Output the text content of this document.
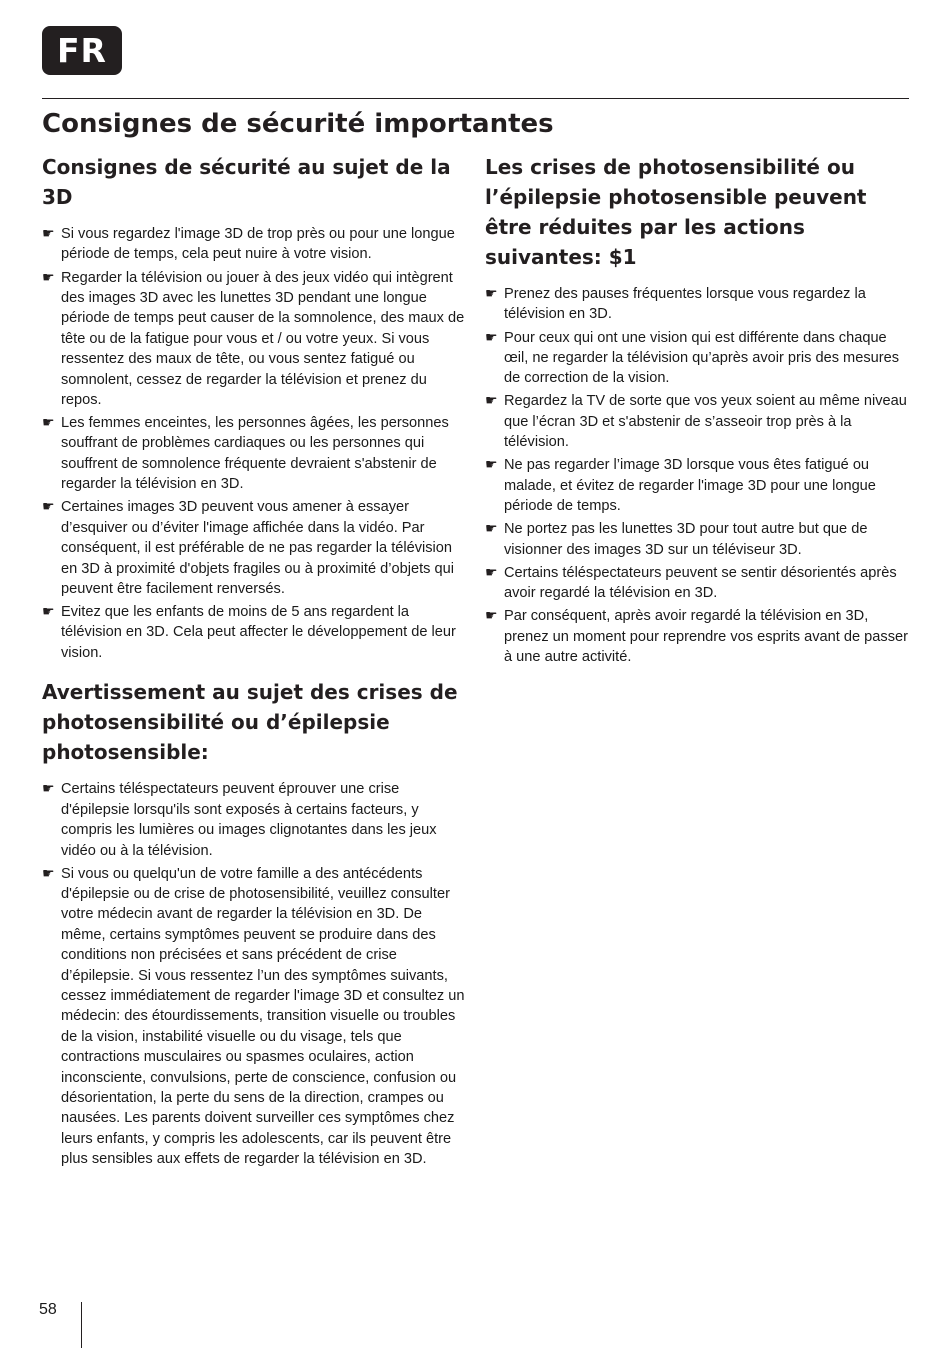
FR
Consignes de sécurité importantes
Consignes de sécurité au sujet de la 3D
☛ Si vous regardez l'image 3D de trop près ou pour une longue période de temps, cela peut nuire à votre vision.
☛ Regarder la télévision ou jouer à des jeux vidéo qui intègrent des images 3D avec les lunettes 3D pendant une longue période de temps peut causer de la somnolence, des maux de tête ou de la fatigue pour vous et / ou votre yeux. Si vous ressentez des maux de tête, ou vous sentez fatigué ou somnolent, cessez de regarder la télévision et prenez du repos.
☛ Les femmes enceintes, les personnes âgées, les personnes souffrant de problèmes cardiaques ou les personnes qui souffrent de somnolence fréquente devraient s'abstenir de regarder la télévision en 3D.
☛ Certaines images 3D peuvent vous amener à essayer d’esquiver ou d’éviter l'image affichée dans la vidéo. Par conséquent, il est préférable de ne pas regarder la télévision en 3D à proximité d'objets fragiles ou à proximité d’objets qui peuvent être facilement renversés.
☛ Evitez que les enfants de moins de 5 ans regardent la télévision en 3D. Cela peut affecter le développement de leur vision.
Avertissement au sujet des crises de photosensibilité ou d’épilepsie photosensible:
☛ Certains téléspectateurs peuvent éprouver une crise d'épilepsie lorsqu'ils sont exposés à certains facteurs, y compris les lumières ou images clignotantes dans les jeux vidéo ou à la télévision.
☛ Si vous ou quelqu'un de votre famille a des antécédents d'épilepsie ou de crise de photosensibilité, veuillez consulter votre médecin avant de regarder la télévision en 3D. De même, certains symptômes peuvent se produire dans des conditions non précisées et sans précédent de crise d’épilepsie. Si vous ressentez l’un des symptômes suivants, cessez immédiatement de regarder l'image 3D et consultez un médecin: des étourdissements, transition visuelle ou troubles de la vision, instabilité visuelle ou du visage, tels que contractions musculaires ou spasmes oculaires, action inconsciente, convulsions, perte de conscience, confusion ou désorientation, la perte du sens de la direction, crampes ou nausées. Les parents doivent surveiller ces symptômes chez leurs enfants, y compris les adolescents, car ils peuvent être plus sensibles aux effets de regarder la télévision en 3D.
Les crises de photosensibilité ou l’épilepsie photosensible peuvent être réduites par les actions suivantes: $1
☛ Prenez des pauses fréquentes lorsque vous regardez la télévision en 3D.
☛ Pour ceux qui ont une vision qui est différente dans chaque œil, ne regarder la télévision qu’après avoir pris des mesures de correction de la vision.
☛ Regardez la TV de sorte que vos yeux soient au même niveau que l’écran 3D et s'abstenir de s’asseoir trop près à la télévision.
☛ Ne pas regarder l’image 3D lorsque vous êtes fatigué ou malade, et évitez de regarder l'image 3D pour une longue période de temps.
☛ Ne portez pas les lunettes 3D pour tout autre but que de visionner des images 3D sur un téléviseur 3D.
☛ Certains téléspectateurs peuvent se sentir désorientés après avoir regardé la télévision en 3D.
☛ Par conséquent, après avoir regardé la télévision en 3D, prenez un moment pour reprendre vos esprits avant de passer à une autre activité.
58
